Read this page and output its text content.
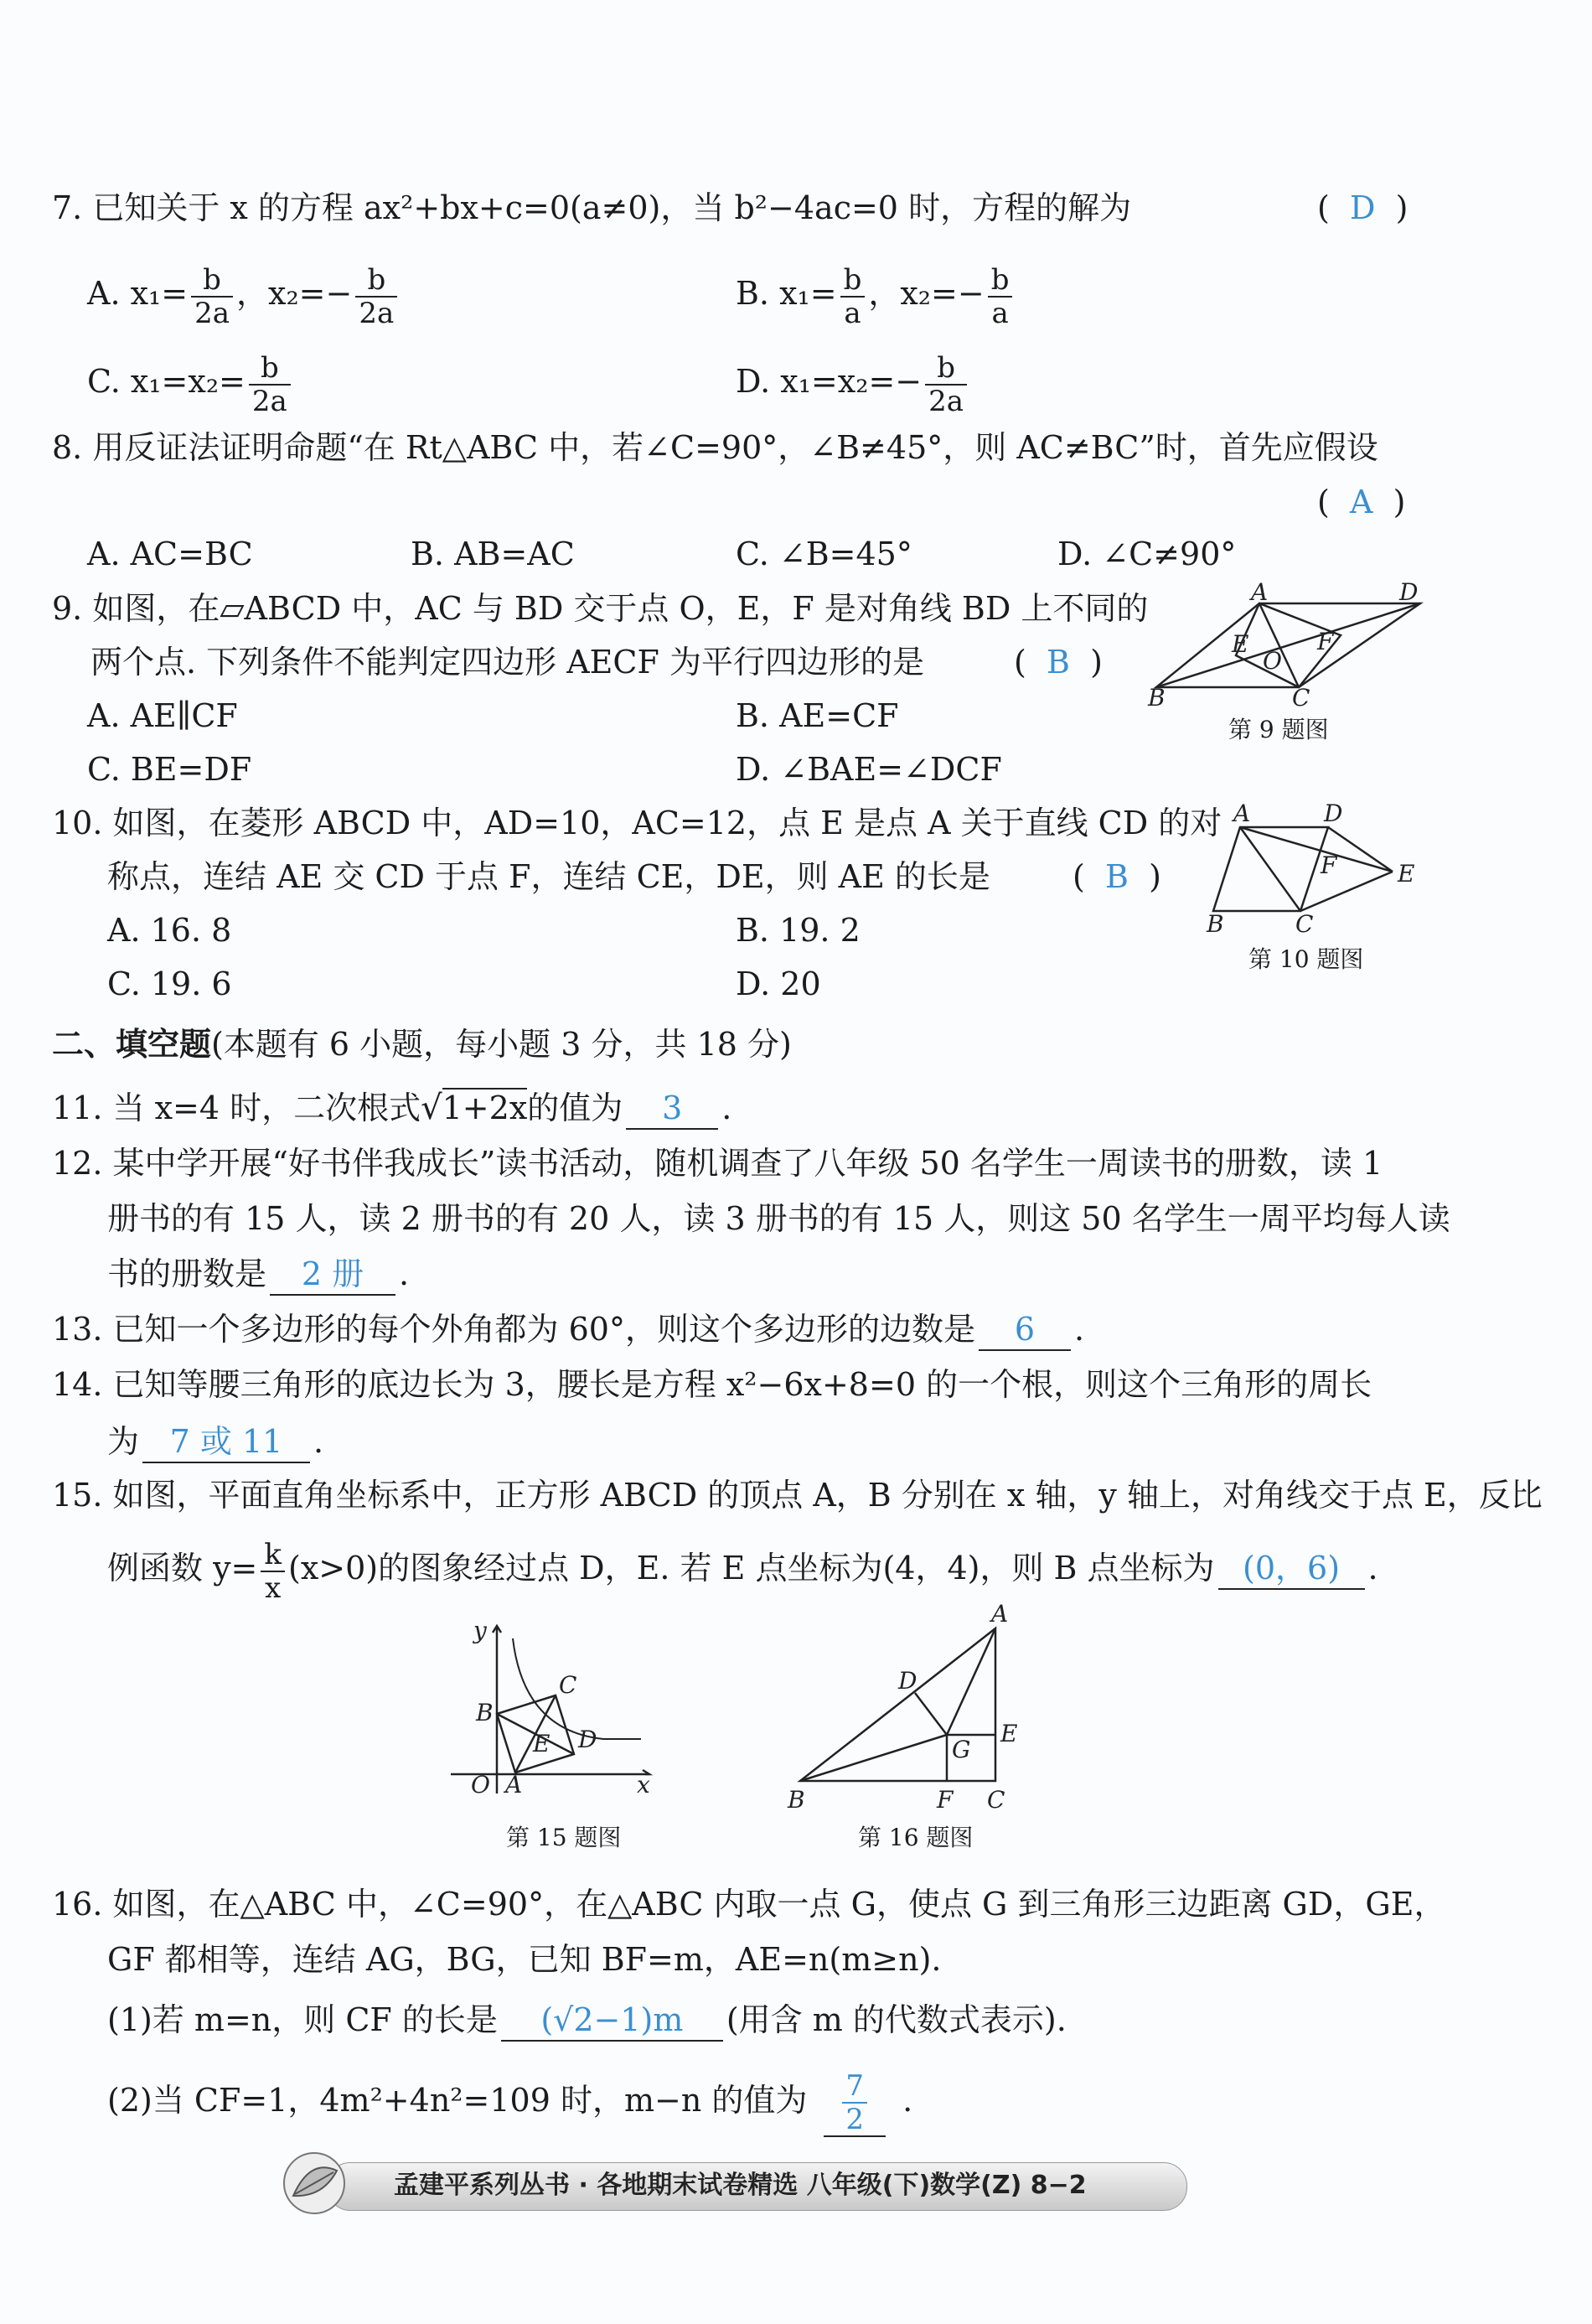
7. 已知关于 x 的方程 ax²+bx+c=0(a≠0)，当 b²−4ac=0 时，方程的解为	(  D  )
A. $x_1= \frac{b}{2a}$ ，$x_2=- \frac{b}{2a}$	B. $x_1= \frac{b}{a}$ ，$x_2=- \frac{b}{a}$
C. $x_1=x_2= \frac{b}{2a}$	D. $x_1=x_2=- \frac{b}{2a}$
8. 用反证法证明命题“在 Rt△ABC 中，若∠C=90°，∠B≠45°，则 AC≠BC”时，首先应假设
(  A  )
A. AC=BC	B. AB=AC	C. ∠B=45°	D. ∠C≠90°
9. 如图，在▱ABCD 中，AC 与 BD 交于点 O，E，F 是对角线 BD 上不同的
两个点. 下列条件不能判定四边形 AECF 为平行四边形的是	(  B  )
A. AE∥CF	B. AE=CF
C. BE=DF	D. ∠BAE=∠DCF
A	D
E
O
F
B	C
第 9 题图
10. 如图，在菱形 ABCD 中，AD=10，AC=12，点 E 是点 A 关于直线 CD 的对
称点，连结 AE 交 CD 于点 F，连结 CE，DE，则 AE 的长是	(  B  )
A. 16. 8	B. 19. 2
C. 19. 6	D. 20
A	D
F	E
B	C
第 10 题图
二、填空题(本题有 6 小题，每小题 3 分，共 18 分)
11. 当 x=4 时，二次根式√1+2x的值为 3 .
12. 某中学开展“好书伴我成长”读书活动，随机调查了八年级 50 名学生一周读书的册数，读 1
册书的有 15 人，读 2 册书的有 20 人，读 3 册书的有 15 人，则这 50 名学生一周平均每人读
书的册数是 2 册 .
13. 已知一个多边形的每个外角都为 60°，则这个多边形的边数是 6 .
14. 已知等腰三角形的底边长为 3，腰长是方程 x²−6x+8=0 的一个根，则这个三角形的周长
为 7 或 11 .
15. 如图，平面直角坐标系中，正方形 ABCD 的顶点 A，B 分别在 x 轴，y 轴上，对角线交于点 E，反比
例函数 $y= \frac{k}{x} (x>0)$的图象经过点 D，E. 若 E 点坐标为(4，4)，则 B 点坐标为 (0，6) .
y
C
B
E D
O A	x
第 15 题图
A
D
E
G
B	F C
第 16 题图
16. 如图，在△ABC 中，∠C=90°，在△ABC 内取一点 G，使点 G 到三角形三边距离 GD，GE，
GF 都相等，连结 AG，BG，已知 BF=m，AE=n(m≥n).
(1)若 m=n，则 CF 的长是 (√2−1)m (用含 m 的代数式表示).
(2)当 CF=1，4m²+4n²=109 时，m−n 的值为 $\frac{7}{2}$ .
孟建平系列丛书 · 各地期末试卷精选 八年级(下)数学(Z) 8−2
